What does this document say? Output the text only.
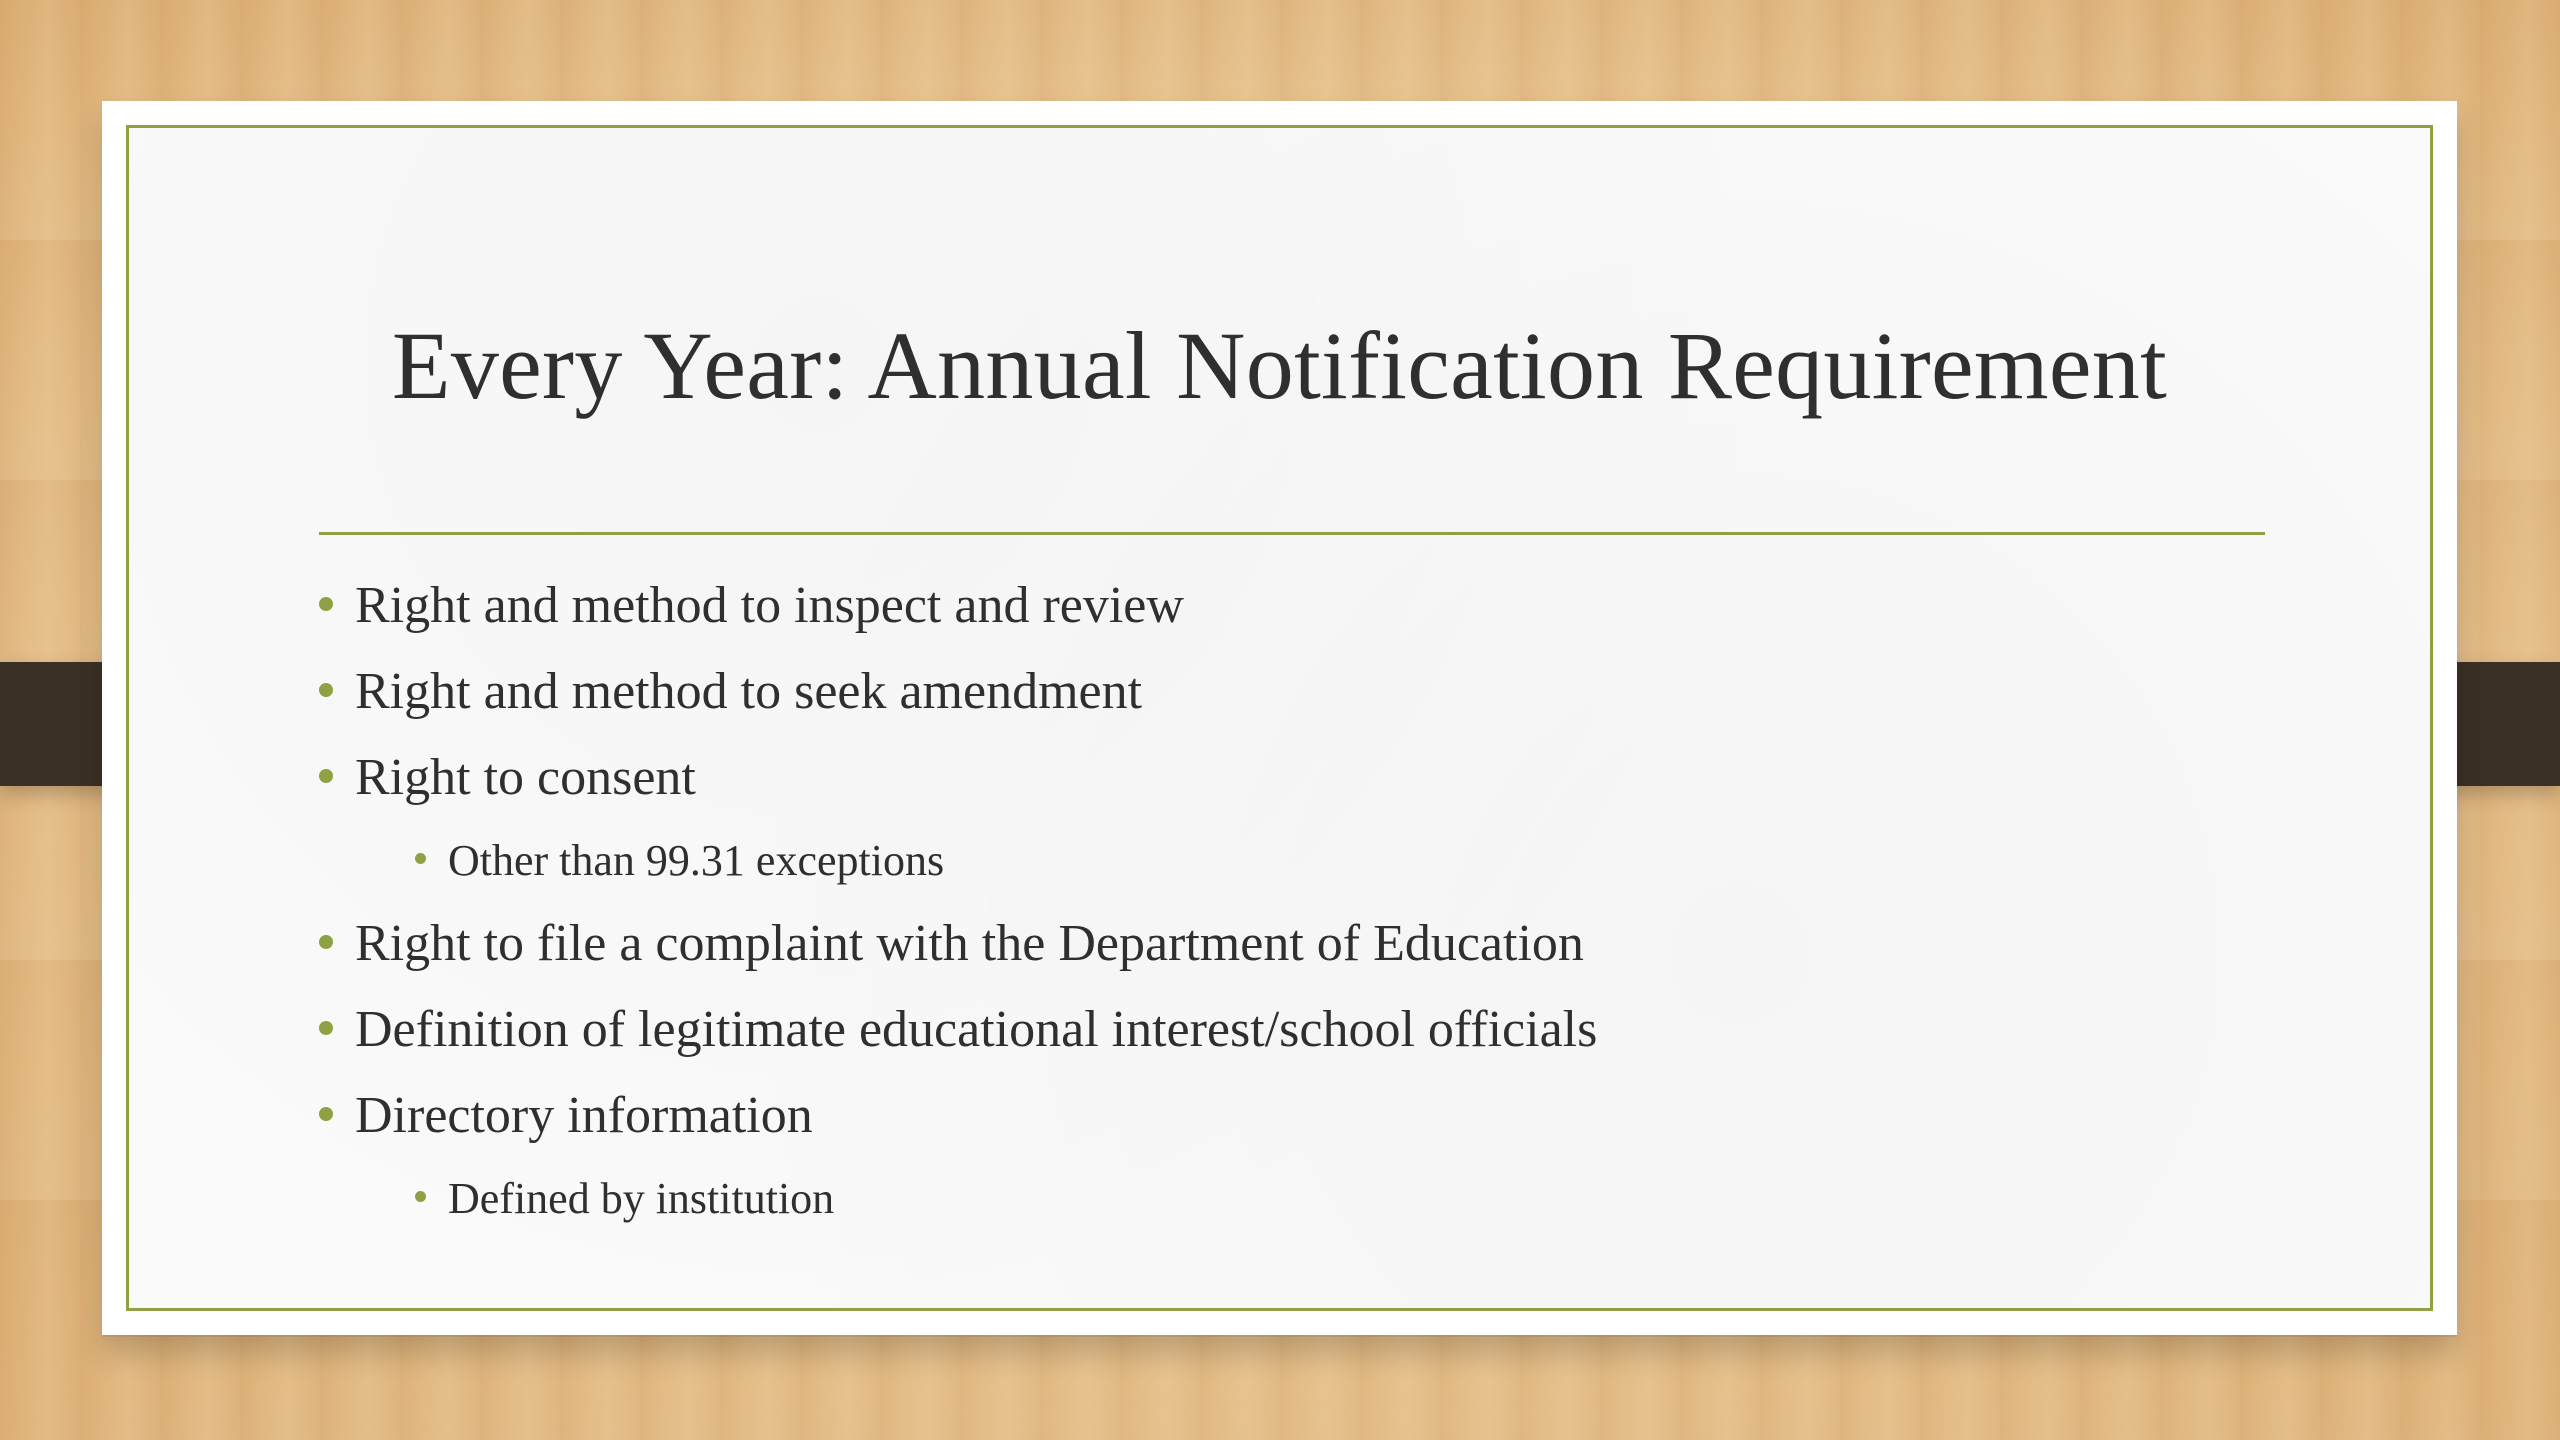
Every Year: Annual Notification Requirement
Right and method to inspect and review
Right and method to seek amendment
Right to consent
Other than 99.31 exceptions
Right to file a complaint with the Department of Education
Definition of legitimate educational interest/school officials
Directory information
Defined by institution
